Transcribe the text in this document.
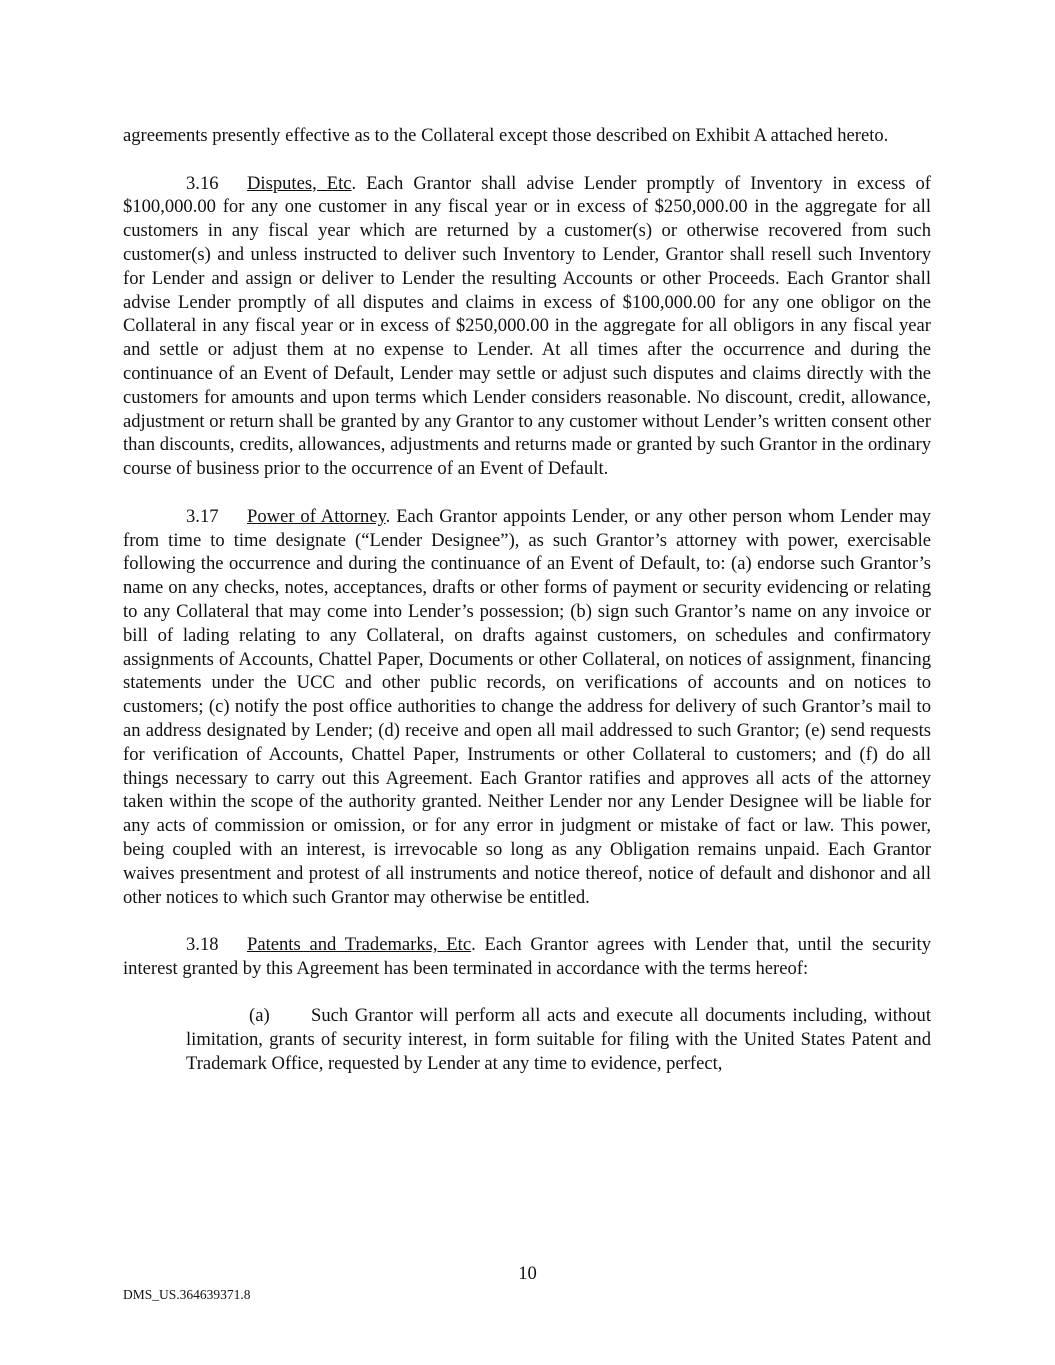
agreements presently effective as to the Collateral except those described on Exhibit A attached hereto.

3.16 Disputes, Etc. Each Grantor shall advise Lender promptly of Inventory in excess of $100,000.00 for any one customer in any fiscal year or in excess of $250,000.00 in the aggregate for all customers in any fiscal year which are returned by a customer(s) or otherwise recovered from such customer(s) and unless instructed to deliver such Inventory to Lender, Grantor shall resell such Inventory for Lender and assign or deliver to Lender the resulting Accounts or other Proceeds. Each Grantor shall advise Lender promptly of all disputes and claims in excess of $100,000.00 for any one obligor on the Collateral in any fiscal year or in excess of $250,000.00 in the aggregate for all obligors in any fiscal year and settle or adjust them at no expense to Lender. At all times after the occurrence and during the continuance of an Event of Default, Lender may settle or adjust such disputes and claims directly with the customers for amounts and upon terms which Lender considers reasonable. No discount, credit, allowance, adjustment or return shall be granted by any Grantor to any customer without Lender’s written consent other than discounts, credits, allowances, adjustments and returns made or granted by such Grantor in the ordinary course of business prior to the occurrence of an Event of Default.

3.17 Power of Attorney. Each Grantor appoints Lender, or any other person whom Lender may from time to time designate (“Lender Designee”), as such Grantor’s attorney with power, exercisable following the occurrence and during the continuance of an Event of Default, to: (a) endorse such Grantor’s name on any checks, notes, acceptances, drafts or other forms of payment or security evidencing or relating to any Collateral that may come into Lender’s possession; (b) sign such Grantor’s name on any invoice or bill of lading relating to any Collateral, on drafts against customers, on schedules and confirmatory assignments of Accounts, Chattel Paper, Documents or other Collateral, on notices of assignment, financing statements under the UCC and other public records, on verifications of accounts and on notices to customers; (c) notify the post office authorities to change the address for delivery of such Grantor’s mail to an address designated by Lender; (d) receive and open all mail addressed to such Grantor; (e) send requests for verification of Accounts, Chattel Paper, Instruments or other Collateral to customers; and (f) do all things necessary to carry out this Agreement. Each Grantor ratifies and approves all acts of the attorney taken within the scope of the authority granted. Neither Lender nor any Lender Designee will be liable for any acts of commission or omission, or for any error in judgment or mistake of fact or law. This power, being coupled with an interest, is irrevocable so long as any Obligation remains unpaid. Each Grantor waives presentment and protest of all instruments and notice thereof, notice of default and dishonor and all other notices to which such Grantor may otherwise be entitled.

3.18 Patents and Trademarks, Etc. Each Grantor agrees with Lender that, until the security interest granted by this Agreement has been terminated in accordance with the terms hereof:

(a) Such Grantor will perform all acts and execute all documents including, without limitation, grants of security interest, in form suitable for filing with the United States Patent and Trademark Office, requested by Lender at any time to evidence, perfect,

10
DMS_US.364639371.8
